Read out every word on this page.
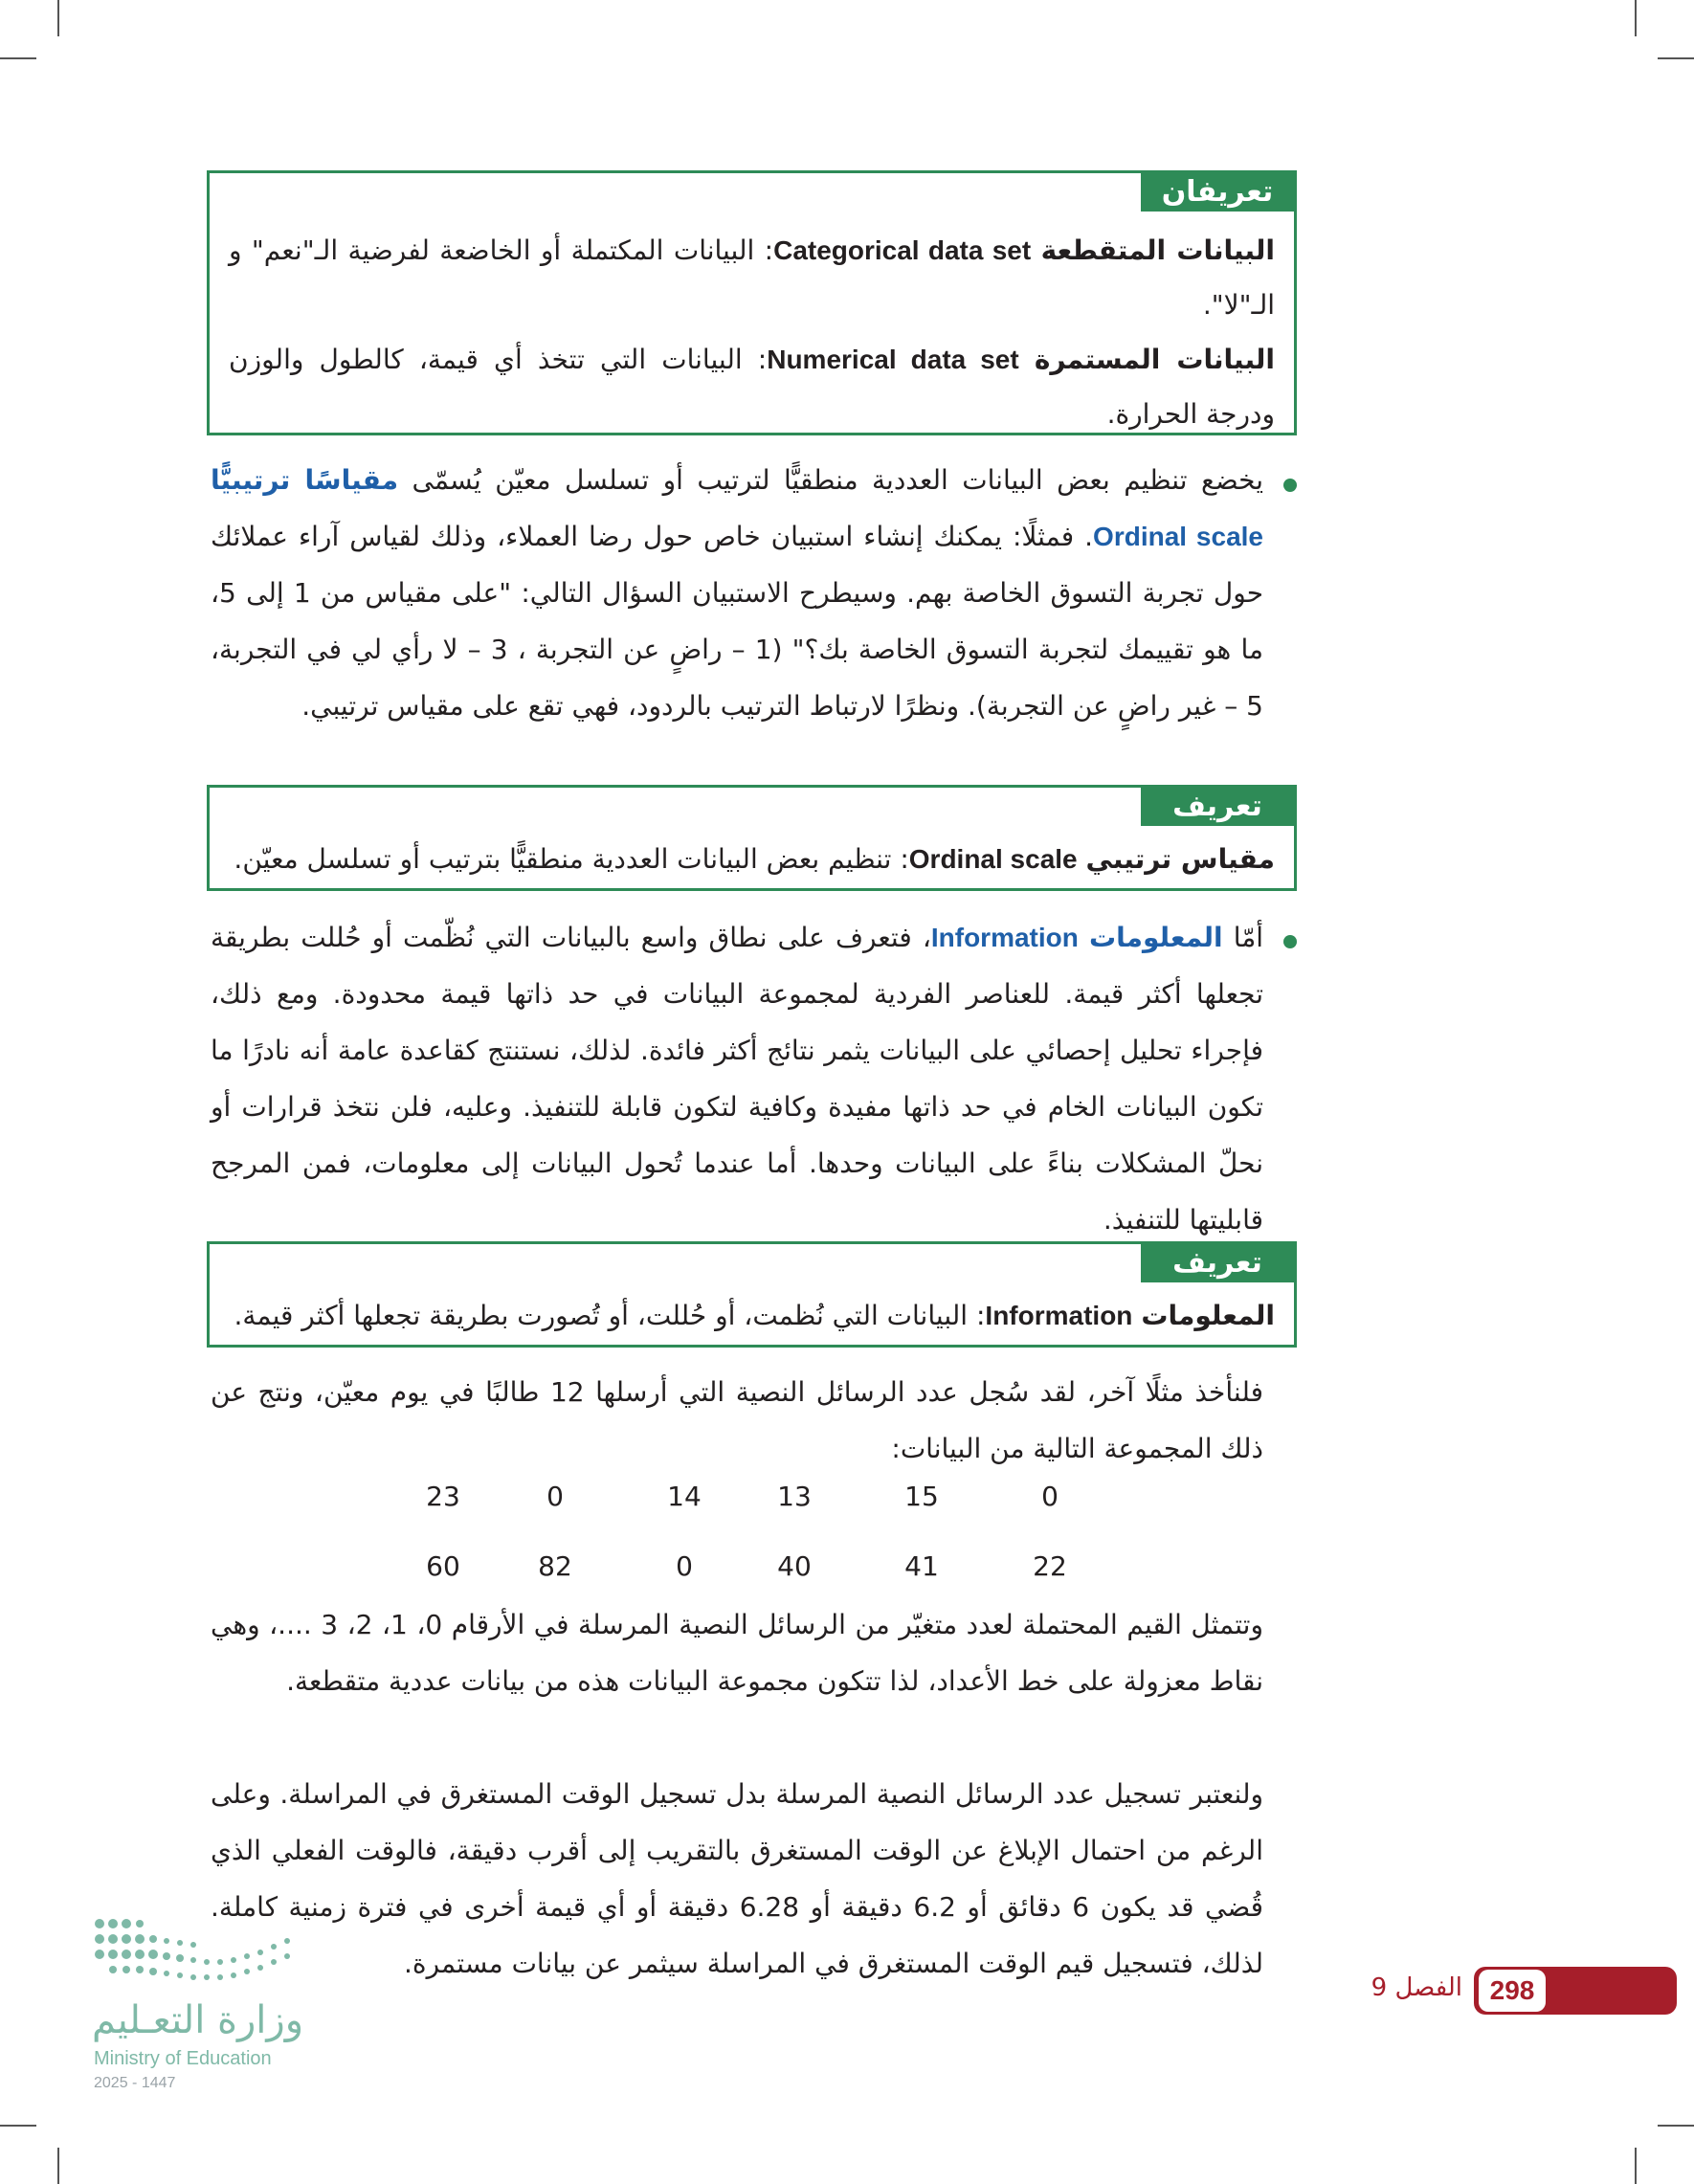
تعريفان
البيانات المتقطعة Categorical data set: البيانات المكتملة أو الخاضعة لفرضية الـ"نعم" و الـ"لا".
البيانات المستمرة Numerical data set: البيانات التي تتخذ أي قيمة، كالطول والوزن ودرجة الحرارة.
يخضع تنظيم بعض البيانات العددية منطقيًّا لترتيب أو تسلسل معيّن يُسمّى مقياسًا ترتيبيًّا Ordinal scale. فمثلًا: يمكنك إنشاء استبيان خاص حول رضا العملاء، وذلك لقياس آراء عملائك حول تجربة التسوق الخاصة بهم. وسيطرح الاستبيان السؤال التالي: "على مقياس من 1 إلى 5، ما هو تقييمك لتجربة التسوق الخاصة بك؟" (1 – راضٍ عن التجربة ، 3 – لا رأي لي في التجربة، 5 – غير راضٍ عن التجربة). ونظرًا لارتباط الترتيب بالردود، فهي تقع على مقياس ترتيبي.
تعريف
مقياس ترتيبي Ordinal scale: تنظيم بعض البيانات العددية منطقيًّا بترتيب أو تسلسل معيّن.
أمّا المعلومات Information، فتعرف على نطاق واسع بالبيانات التي نُظّمت أو حُللت بطريقة تجعلها أكثر قيمة. للعناصر الفردية لمجموعة البيانات في حد ذاتها قيمة محدودة. ومع ذلك، فإجراء تحليل إحصائي على البيانات يثمر نتائج أكثر فائدة. لذلك، نستنتج كقاعدة عامة أنه نادرًا ما تكون البيانات الخام في حد ذاتها مفيدة وكافية لتكون قابلة للتنفيذ. وعليه، فلن نتخذ قرارات أو نحلّ المشكلات بناءً على البيانات وحدها. أما عندما تُحول البيانات إلى معلومات، فمن المرجح قابليتها للتنفيذ.
تعريف
المعلومات Information: البيانات التي نُظمت، أو حُللت، أو تُصورت بطريقة تجعلها أكثر قيمة.
فلنأخذ مثلًا آخر، لقد سُجل عدد الرسائل النصية التي أرسلها 12 طالبًا في يوم معيّن، ونتج عن ذلك المجموعة التالية من البيانات:
0
15
13
14
0
23
22
41
40
0
82
60
وتتمثل القيم المحتملة لعدد متغيّر من الرسائل النصية المرسلة في الأرقام 0، 1، 2، 3 ....، وهي نقاط معزولة على خط الأعداد، لذا تتكون مجموعة البيانات هذه من بيانات عددية متقطعة.
ولنعتبر تسجيل عدد الرسائل النصية المرسلة بدل تسجيل الوقت المستغرق في المراسلة. وعلى الرغم من احتمال الإبلاغ عن الوقت المستغرق بالتقريب إلى أقرب دقيقة، فالوقت الفعلي الذي قُضي قد يكون 6 دقائق أو 6.2 دقيقة أو 6.28 دقيقة أو أي قيمة أخرى في فترة زمنية كاملة. لذلك، فتسجيل قيم الوقت المستغرق في المراسلة سيثمر عن بيانات مستمرة.
298
الفصل 9
وزارة التعـليم
Ministry of Education
2025 - 1447
